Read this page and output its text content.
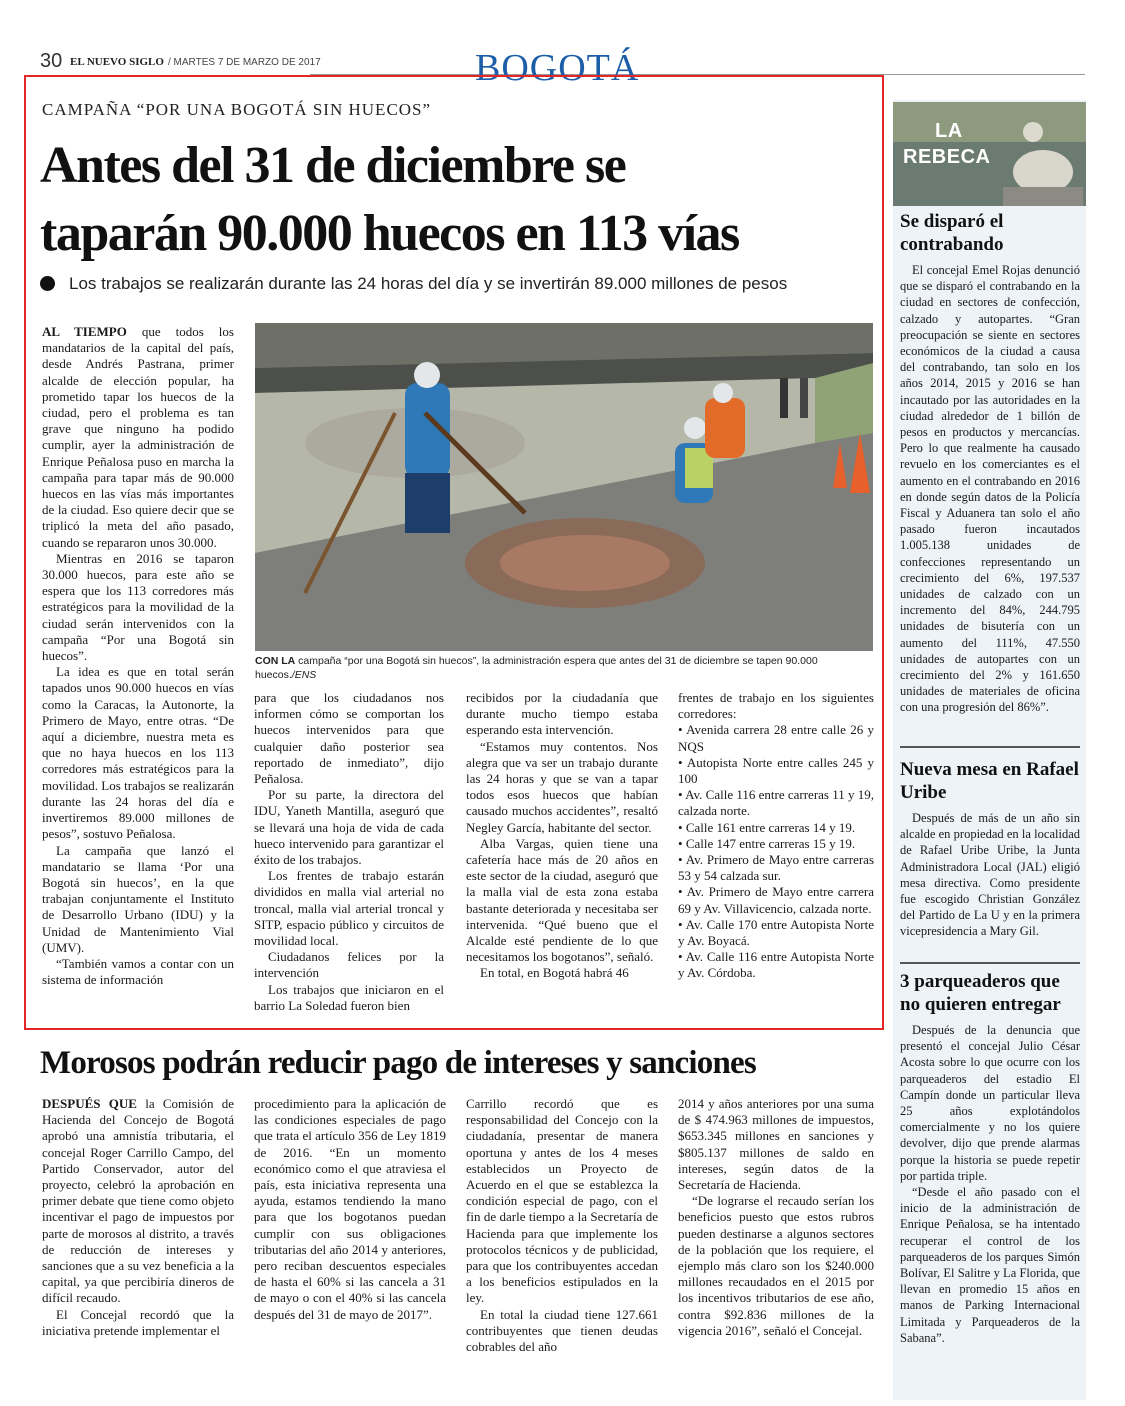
30 EL NUEVO SIGLO / MARTES 7 DE MARZO DE 2017	BOGOTÁ
CAMPAÑA “POR UNA BOGOTÁ SIN HUECOS”
Antes del 31 de diciembre se
taparán 90.000 huecos en 113 vías
Los trabajos se realizarán durante las 24 horas del día y se invertirán 89.000 millones de pesos

AL TIEMPO que todos los mandatarios de la capital del país, desde Andrés Pastrana, primer alcalde de elección popular, ha prometido tapar los huecos de la ciudad, pero el problema es tan grave que ninguno ha podido cumplir, ayer la administración de Enrique Peñalosa puso en marcha la campaña para tapar más de 90.000 huecos en las vías más importantes de la ciudad. Eso quiere decir que se triplicó la meta del año pasado, cuando se repararon unos 30.000.

Mientras en 2016 se taparon 30.000 huecos, para este año se espera que los 113 corredores más estratégicos para la movilidad de la ciudad serán intervenidos con la campaña “Por una Bogotá sin huecos”.

La idea es que en total serán tapados unos 90.000 huecos en vías como la Caracas, la Autonorte, la Primero de Mayo, entre otras. “De aquí a diciembre, nuestra meta es que no haya huecos en los 113 corredores más estratégicos para la movilidad. Los trabajos se realizarán durante las 24 horas del día e invertiremos 89.000 millones de pesos”, sostuvo Peñalosa.

La campaña que lanzó el mandatario se llama ‘Por una Bogotá sin huecos’, en la que trabajan conjuntamente el Instituto de Desarrollo Urbano (IDU) y la Unidad de Mantenimiento Vial (UMV).

“También vamos a contar con un sistema de información

CON LA campaña “por una Bogotá sin huecos”, la administración espera que antes del 31 de diciembre se tapen 90.000 huecos./ENS

para que los ciudadanos nos informen cómo se comportan los huecos intervenidos para que cualquier daño posterior sea reportado de inmediato”, dijo Peñalosa.

Por su parte, la directora del IDU, Yaneth Mantilla, aseguró que se llevará una hoja de vida de cada hueco intervenido para garantizar el éxito de los trabajos.

Los frentes de trabajo estarán divididos en malla vial arterial no troncal, malla vial arterial troncal y SITP, espacio público y circuitos de movilidad local.

Ciudadanos felices por la intervención

Los trabajos que iniciaron en el barrio La Soledad fueron bien

recibidos por la ciudadanía que durante mucho tiempo estaba esperando esta intervención.

“Estamos muy contentos. Nos alegra que va ser un trabajo durante las 24 horas y que se van a tapar todos esos huecos que habían causado muchos accidentes”, resaltó Negley García, habitante del sector.

Alba Vargas, quien tiene una cafetería hace más de 20 años en este sector de la ciudad, aseguró que la malla vial de esta zona estaba bastante deteriorada y necesitaba ser intervenida. “Qué bueno que el Alcalde esté pendiente de lo que necesitamos los bogotanos”, señaló.

En total, en Bogotá habrá 46

frentes de trabajo en los siguientes corredores:

• Avenida carrera 28 entre calle 26 y NQS

• Autopista Norte entre calles 245 y 100

• Av. Calle 116 entre carreras 11 y 19, calzada norte.

• Calle 161 entre carreras 14 y 19.

• Calle 147 entre carreras 15 y 19.

• Av. Primero de Mayo entre carreras 53 y 54 calzada sur.

• Av. Primero de Mayo entre carrera 69 y Av. Villavicencio, calzada norte.

• Av. Calle 170 entre Autopista Norte y Av. Boyacá.

• Av. Calle 116 entre Autopista Norte y Av. Córdoba.

LA
REBECA
Se disparó el contrabando

El concejal Emel Rojas denunció que se disparó el contrabando en la ciudad en sectores de confección, calzado y autopartes. “Gran preocupación se siente en sectores económicos de la ciudad a causa del contrabando, tan solo en los años 2014, 2015 y 2016 se han incautado por las autoridades en la ciudad alrededor de 1 billón de pesos en productos y mercancías. Pero lo que realmente ha causado revuelo en los comerciantes es el aumento en el contrabando en 2016 en donde según datos de la Policía Fiscal y Aduanera tan solo el año pasado fueron incautados 1.005.138 unidades de confecciones representando un crecimiento del 6%, 197.537 unidades de calzado con un incremento del 84%, 244.795 unidades de bisutería con un aumento del 111%, 47.550 unidades de autopartes con un crecimiento del 2% y 161.650 unidades de materiales de oficina con una progresión del 86%”.

Nueva mesa en Rafael Uribe

Después de más de un año sin alcalde en propiedad en la localidad de Rafael Uribe Uribe, la Junta Administradora Local (JAL) eligió mesa directiva. Como presidente fue escogido Christian González del Partido de La U y en la primera vicepresidencia a Mary Gil.

3 parqueaderos que no quieren entregar

Después de la denuncia que presentó el concejal Julio César Acosta sobre lo que ocurre con los parqueaderos del estadio El Campín donde un particular lleva 25 años explotándolos comercialmente y no los quiere devolver, dijo que prende alarmas porque la historia se puede repetir por partida triple.

“Desde el año pasado con el inicio de la administración de Enrique Peñalosa, se ha intentado recuperar el control de los parqueaderos de los parques Simón Bolívar, El Salitre y La Florida, que llevan en promedio 15 años en manos de Parking Internacional Limitada y Parqueaderos de la Sabana”.

Morosos podrán reducir pago de intereses y sanciones

DESPUÉS QUE la Comisión de Hacienda del Concejo de Bogotá aprobó una amnistía tributaria, el concejal Roger Carrillo Campo, del Partido Conservador, autor del proyecto, celebró la aprobación en primer debate que tiene como objeto incentivar el pago de impuestos por parte de morosos al distrito, a través de reducción de intereses y sanciones que a su vez beneficia a la capital, ya que percibiría dineros de difícil recaudo.

El Concejal recordó que la iniciativa pretende implementar el

procedimiento para la aplicación de las condiciones especiales de pago que trata el artículo 356 de Ley 1819 de 2016. “En un momento económico como el que atraviesa el país, esta iniciativa representa una ayuda, estamos tendiendo la mano para que los bogotanos puedan cumplir con sus obligaciones tributarias del año 2014 y anteriores, pero reciban descuentos especiales de hasta el 60% si las cancela a 31 de mayo o con el 40% si las cancela después del 31 de mayo de 2017”.

Carrillo recordó que es responsabilidad del Concejo con la ciudadanía, presentar de manera oportuna y antes de los 4 meses establecidos un Proyecto de Acuerdo en el que se establezca la condición especial de pago, con el fin de darle tiempo a la Secretaría de Hacienda para que implemente los protocolos técnicos y de publicidad, para que los contribuyentes accedan a los beneficios estipulados en la ley.

En total la ciudad tiene 127.661 contribuyentes que tienen deudas cobrables del año

2014 y años anteriores por una suma de $ 474.963 millones de impuestos, $653.345 millones en sanciones y $805.137 millones de saldo en intereses, según datos de la Secretaría de Hacienda.

“De lograrse el recaudo serían los beneficios puesto que estos rubros pueden destinarse a algunos sectores de la población que los requiere, el ejemplo más claro son los $240.000 millones recaudados en el 2015 por los incentivos tributarios de ese año, contra $92.836 millones de la vigencia 2016”, señaló el Concejal.
